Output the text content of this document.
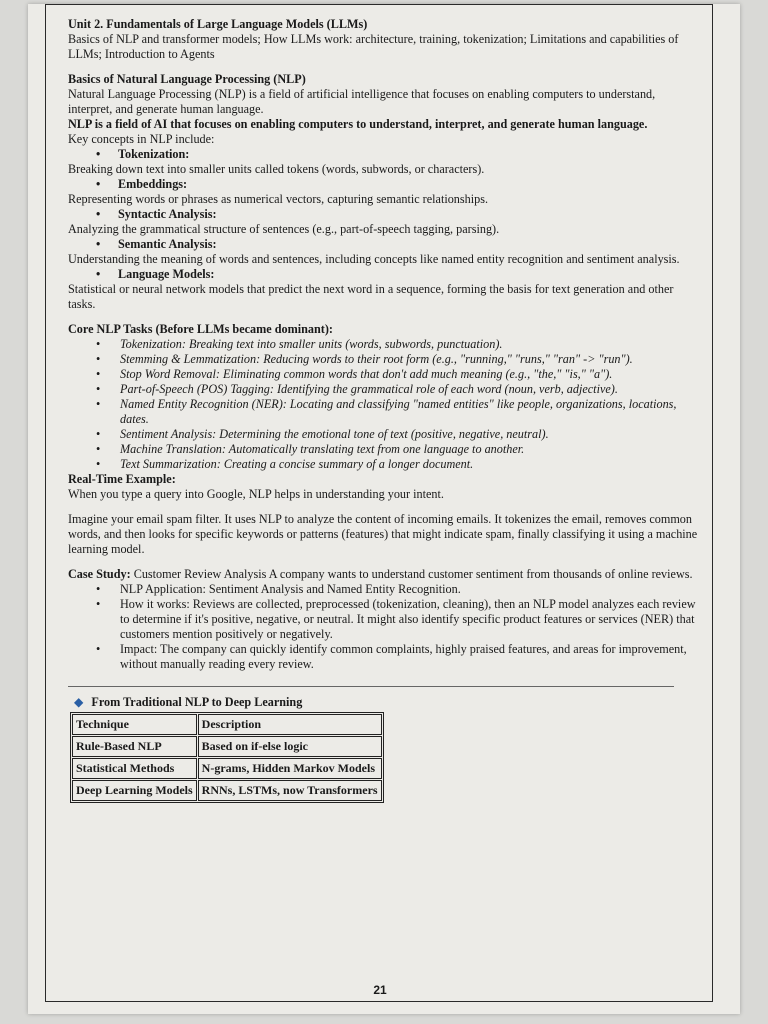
Unit 2. Fundamentals of Large Language Models (LLMs)

Basics of NLP and transformer models; How LLMs work: architecture, training, tokenization; Limitations and capabilities of LLMs; Introduction to Agents

Basics of Natural Language Processing (NLP)

Natural Language Processing (NLP) is a field of artificial intelligence that focuses on enabling computers to understand, interpret, and generate human language.

NLP is a field of AI that focuses on enabling computers to understand, interpret, and generate human language.

Key concepts in NLP include:

• Tokenization:

Breaking down text into smaller units called tokens (words, subwords, or characters).

• Embeddings:

Representing words or phrases as numerical vectors, capturing semantic relationships.

• Syntactic Analysis:

Analyzing the grammatical structure of sentences (e.g., part-of-speech tagging, parsing).

• Semantic Analysis:

Understanding the meaning of words and sentences, including concepts like named entity recognition and sentiment analysis.

• Language Models:

Statistical or neural network models that predict the next word in a sequence, forming the basis for text generation and other tasks.

Core NLP Tasks (Before LLMs became dominant):

• Tokenization: Breaking text into smaller units (words, subwords, punctuation).
• Stemming & Lemmatization: Reducing words to their root form (e.g., "running," "runs," "ran" -> "run").
• Stop Word Removal: Eliminating common words that don't add much meaning (e.g., "the," "is," "a").
• Part-of-Speech (POS) Tagging: Identifying the grammatical role of each word (noun, verb, adjective).
• Named Entity Recognition (NER): Locating and classifying "named entities" like people, organizations, locations, dates.
• Sentiment Analysis: Determining the emotional tone of text (positive, negative, neutral).
• Machine Translation: Automatically translating text from one language to another.
• Text Summarization: Creating a concise summary of a longer document.

Real-Time Example:

When you type a query into Google, NLP helps in understanding your intent.

Imagine your email spam filter. It uses NLP to analyze the content of incoming emails. It tokenizes the email, removes common words, and then looks for specific keywords or patterns (features) that might indicate spam, finally classifying it using a machine learning model.

Case Study: Customer Review Analysis A company wants to understand customer sentiment from thousands of online reviews.

• NLP Application: Sentiment Analysis and Named Entity Recognition.
• How it works: Reviews are collected, preprocessed (tokenization, cleaning), then an NLP model analyzes each review to determine if it's positive, negative, or neutral. It might also identify specific product features or services (NER) that customers mention positively or negatively.
• Impact: The company can quickly identify common complaints, highly praised features, and areas for improvement, without manually reading every review.

◆ From Traditional NLP to Deep Learning

Technique	Description
Rule-Based NLP	Based on if-else logic
Statistical Methods	N-grams, Hidden Markov Models
Deep Learning Models	RNNs, LSTMs, now Transformers
21
